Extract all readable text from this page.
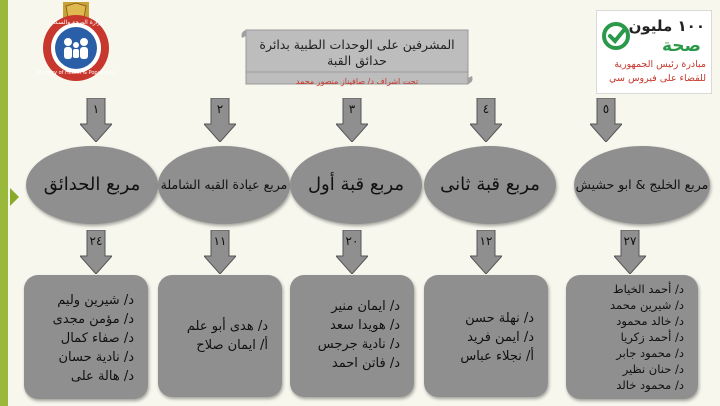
Ministry of Health & Population
وزارة الصحة والسكان	١٠٠ مليون
صحة
مبادرة رئيس الجمهورية
للقضاء على فيروس سي
المشرفين على الوحدات الطبية بدائرة حدائق القبة
تحت اشراف د/ صافيناز منصور محمد
١
مربع الحدائق
٢٤
د/ شيرين وليم
د/ مؤمن مجدى
د/ صفاء كمال
د/ نادية حسان
د/ هالة على
٢
مربع عيادة القبه الشاملة
١١
د/ هدى أبو علم
أ/ ايمان صلاح
٣
مربع قبة أول
٢٠
د/ ايمان منير
د/ هويدا سعد
د/ نادية جرجس
د/ فاتن احمد
٤
مربع قبة ثانى
١٢
د/ نهلة حسن
د/ ايمن فريد
أ/ نجلاء عباس
٥
مربع الخليج & ابو حشيش
٢٧
د/ أحمد الخياط
د/ شيرين محمد
د/ خالد محمود
د/ أحمد زكريا
د/ محمود جابر
د/ حنان نظير
د/ محمود خالد
